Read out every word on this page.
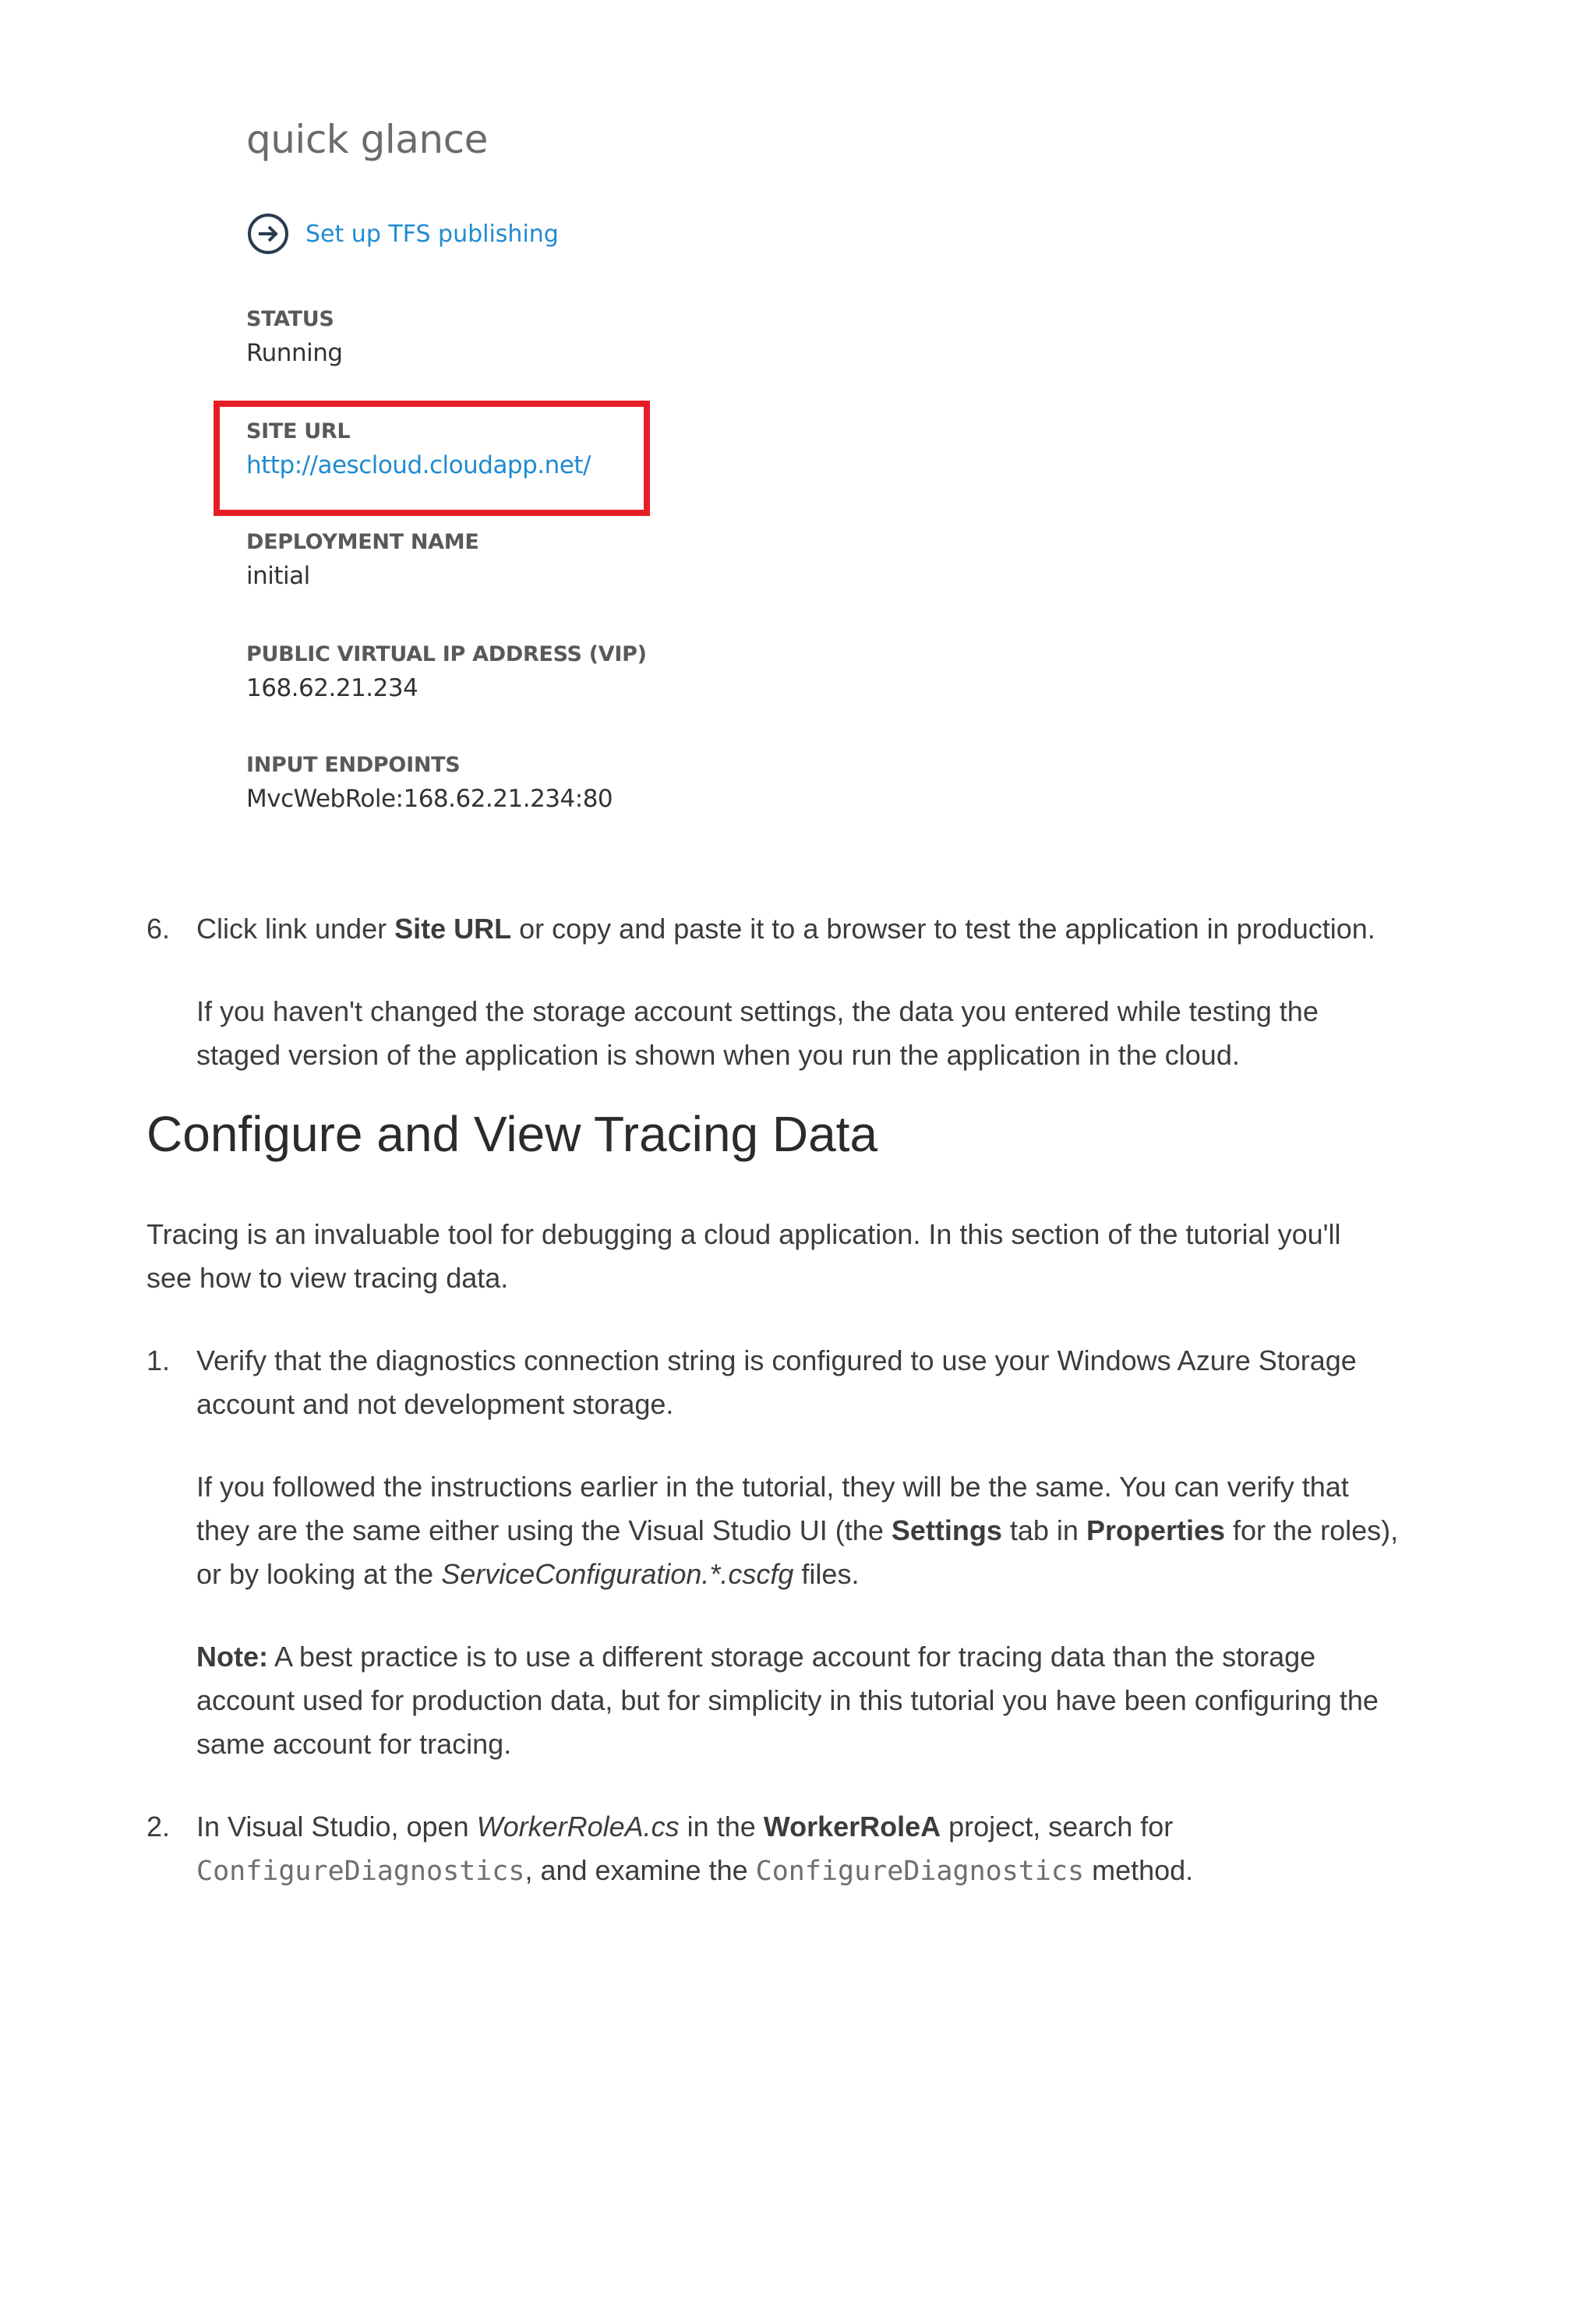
quick glance
Set up TFS publishing
STATUS
Running
SITE URL
http://aescloud.cloudapp.net/
DEPLOYMENT NAME
initial
PUBLIC VIRTUAL IP ADDRESS (VIP)
168.62.21.234
INPUT ENDPOINTS
MvcWebRole:168.62.21.234:80
6. Click link under Site URL or copy and paste it to a browser to test the application in production.
If you haven't changed the storage account settings, the data you entered while testing the
staged version of the application is shown when you run the application in the cloud.
Configure and View Tracing Data
Tracing is an invaluable tool for debugging a cloud application. In this section of the tutorial you'll
see how to view tracing data.
1. Verify that the diagnostics connection string is configured to use your Windows Azure Storage
account and not development storage.
If you followed the instructions earlier in the tutorial, they will be the same. You can verify that
they are the same either using the Visual Studio UI (the Settings tab in Properties for the roles),
or by looking at the ServiceConfiguration.*.cscfg files.
Note: A best practice is to use a different storage account for tracing data than the storage
account used for production data, but for simplicity in this tutorial you have been configuring the
same account for tracing.
2. In Visual Studio, open WorkerRoleA.cs in the WorkerRoleA project, search for
ConfigureDiagnostics, and examine the ConfigureDiagnostics method.
